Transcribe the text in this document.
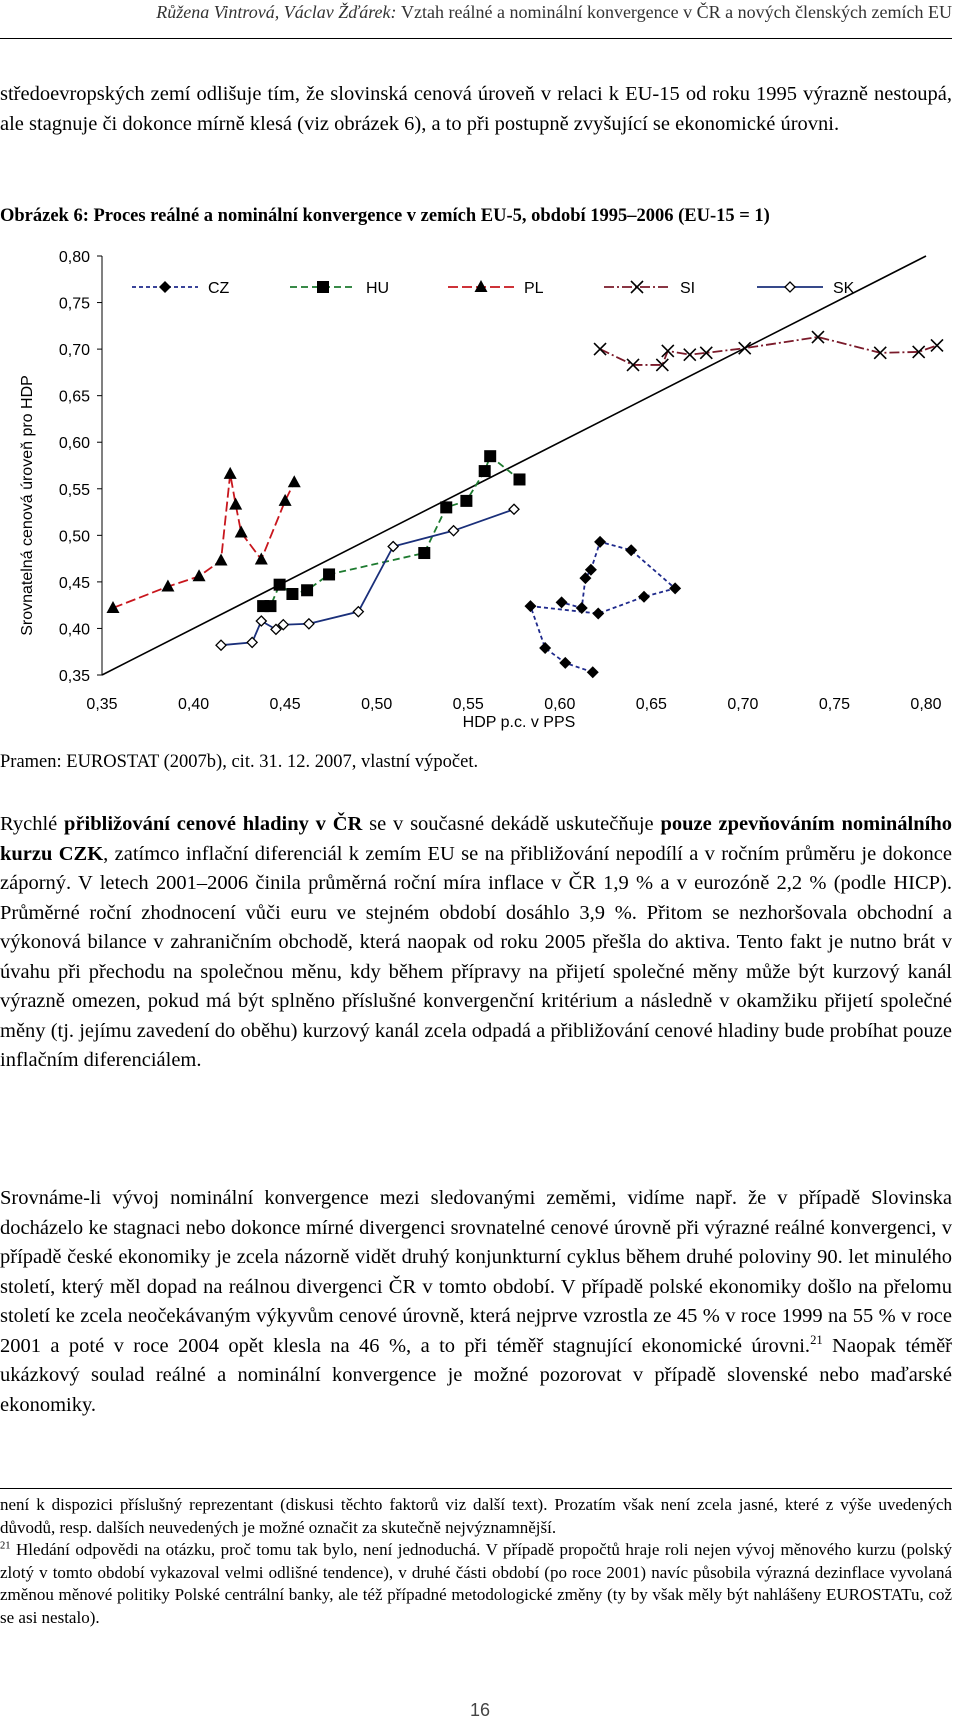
Růžena Vintrová, Václav Žďárek: Vztah reálné a nominální konvergence v ČR a nových členských zemích EU

středoevropských zemí odlišuje tím, že slovinská cenová úroveň v relaci k EU-15 od roku 1995 výrazně nestoupá, ale stagnuje či dokonce mírně klesá (viz obrázek 6), a to při postupně zvyšující se ekonomické úrovni.

Obrázek 6: Proces reálné a nominální konvergence v zemích EU-5, období 1995–2006 (EU-15 = 1)

0,35
0,40
0,45
0,50
0,55
0,60
0,65
0,70
0,75
0,80
0,35	0,40	0,45	0,50	0,55	0,60	0,65	0,70	0,75	0,80
HDP p.c. v PPS
Srovnatelná cenová úroveň pro HDP
CZ	HU	PL	SI	SK

Pramen: EUROSTAT (2007b), cit. 31. 12. 2007, vlastní výpočet.

Rychlé přibližování cenové hladiny v ČR se v současné dekádě uskutečňuje pouze zpevňováním nominálního kurzu CZK, zatímco inflační diferenciál k zemím EU se na přibližování nepodílí a v ročním průměru je dokonce záporný. V letech 2001–2006 činila průměrná roční míra inflace v ČR 1,9 % a v eurozóně 2,2 % (podle HICP). Průměrné roční zhodnocení vůči euru ve stejném období dosáhlo 3,9 %. Přitom se nezhoršovala obchodní a výkonová bilance v zahraničním obchodě, která naopak od roku 2005 přešla do aktiva. Tento fakt je nutno brát v úvahu při přechodu na společnou měnu, kdy během přípravy na přijetí společné měny může být kurzový kanál výrazně omezen, pokud má být splněno příslušné konvergenční kritérium a následně v okamžiku přijetí společné měny (tj. jejímu zavedení do oběhu) kurzový kanál zcela odpadá a přibližování cenové hladiny bude probíhat pouze inflačním diferenciálem.

Srovnáme-li vývoj nominální konvergence mezi sledovanými zeměmi, vidíme např. že v případě Slovinska docházelo ke stagnaci nebo dokonce mírné divergenci srovnatelné cenové úrovně při výrazné reálné konvergenci, v případě české ekonomiky je zcela názorně vidět druhý konjunkturní cyklus během druhé poloviny 90. let minulého století, který měl dopad na reálnou divergenci ČR v tomto období. V případě polské ekonomiky došlo na přelomu století ke zcela neočekávaným výkyvům cenové úrovně, která nejprve vzrostla ze 45 % v roce 1999 na 55 % v roce 2001 a poté v roce 2004 opět klesla na 46 %, a to při téměř stagnující ekonomické úrovni.$^{21}$ Naopak téměř ukázkový soulad reálné a nominální konvergence je možné pozorovat v případě slovenské nebo maďarské ekonomiky.

není k dispozici příslušný reprezentant (diskusi těchto faktorů viz další text). Prozatím však není zcela jasné, které z výše uvedených důvodů, resp. dalších neuvedených je možné označit za skutečně nejvýznamnější.

$^{21}$ Hledání odpovědi na otázku, proč tomu tak bylo, není jednoduchá. V případě propočtů hraje roli nejen vývoj měnového kurzu (polský zlotý v tomto období vykazoval velmi odlišné tendence), v druhé části období (po roce 2001) navíc působila výrazná dezinflace vyvolaná změnou měnové politiky Polské centrální banky, ale též případné metodologické změny (ty by však měly být nahlášeny EUROSTATu, což se asi nestalo).

16
